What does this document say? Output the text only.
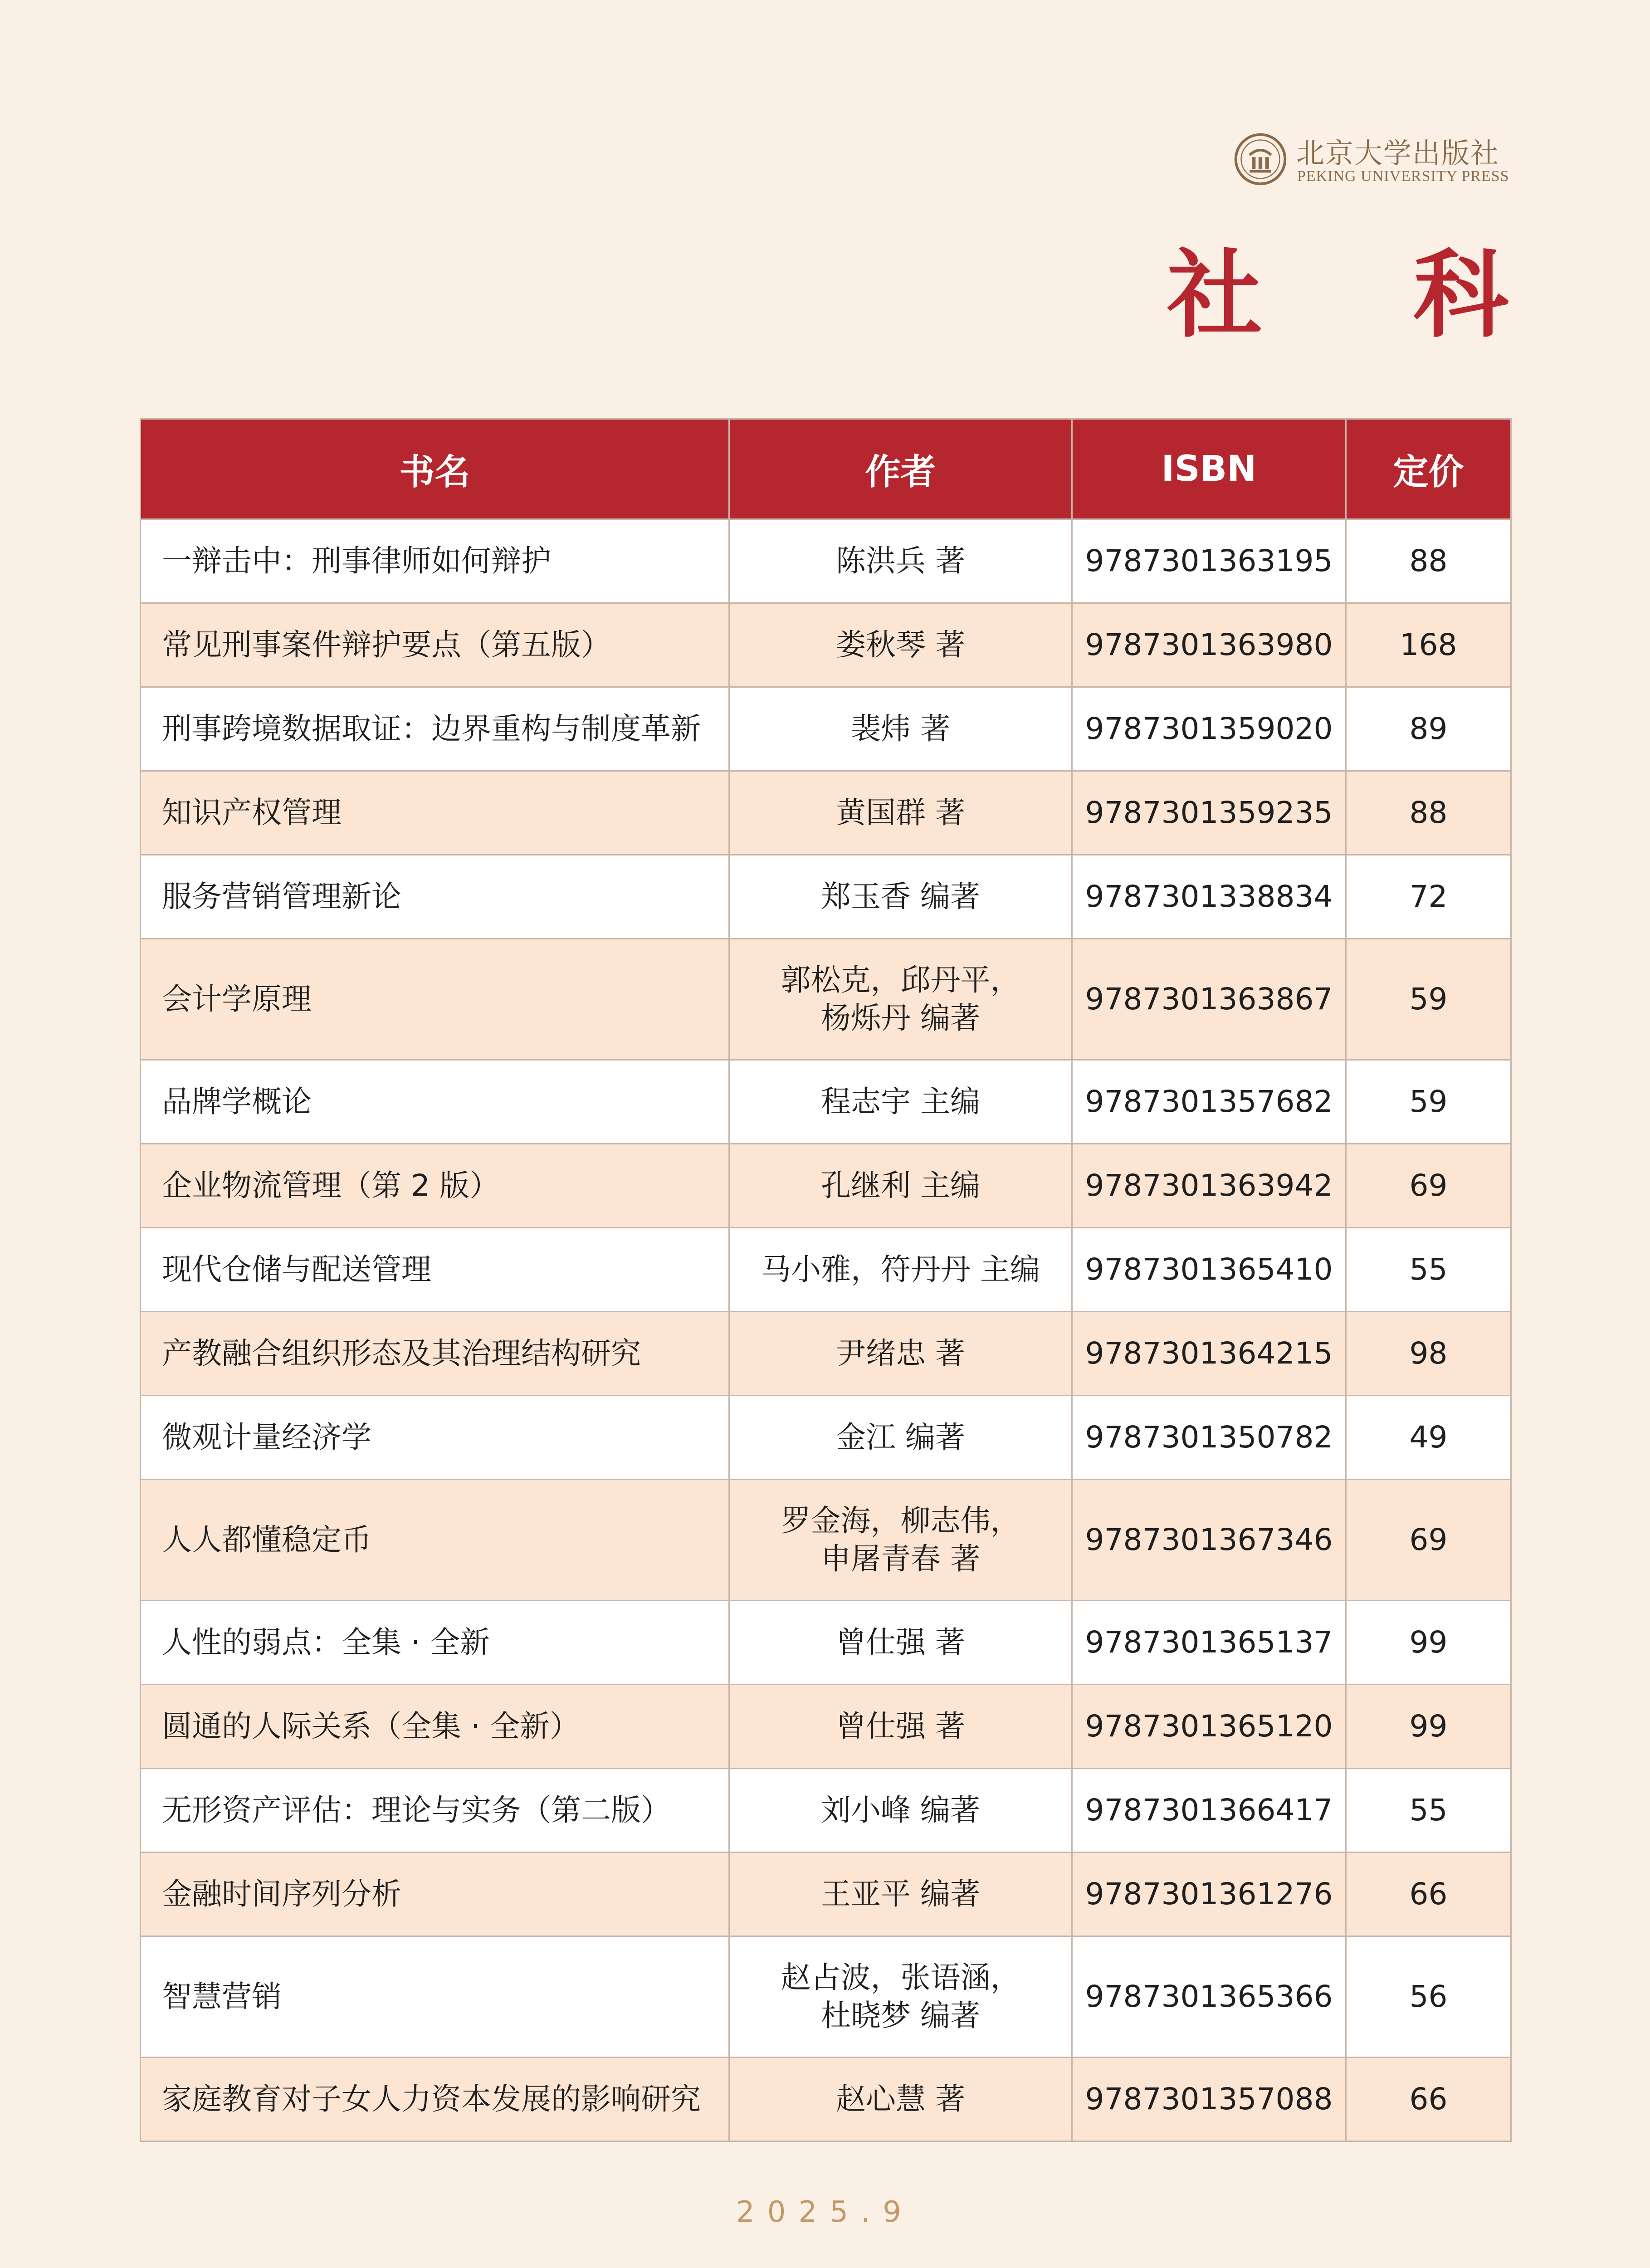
北京大学出版社
PEKING UNIVERSITY PRESS
社 科
书名	作者	ISBN	定价
一辩击中：刑事律师如何辩护	陈洪兵 著	9787301363195	88
常见刑事案件辩护要点（第五版）	娄秋琴 著	9787301363980	168
刑事跨境数据取证：边界重构与制度革新	裴炜 著	9787301359020	89
知识产权管理	黄国群 著	9787301359235	88
服务营销管理新论	郑玉香 编著	9787301338834	72
会计学原理	郭松克，邱丹平，
杨烁丹 编著	9787301363867	59
品牌学概论	程志宇 主编	9787301357682	59
企业物流管理（第 2 版）	孔继利 主编	9787301363942	69
现代仓储与配送管理	马小雅，符丹丹 主编	9787301365410	55
产教融合组织形态及其治理结构研究	尹绪忠 著	9787301364215	98
微观计量经济学	金江 编著	9787301350782	49
人人都懂稳定币	罗金海，柳志伟，
申屠青春 著	9787301367346	69
人性的弱点：全集 · 全新	曾仕强 著	9787301365137	99
圆通的人际关系（全集 · 全新）	曾仕强 著	9787301365120	99
无形资产评估：理论与实务（第二版）	刘小峰 编著	9787301366417	55
金融时间序列分析	王亚平 编著	9787301361276	66
智慧营销	赵占波，张语涵，
杜晓梦 编著	9787301365366	56
家庭教育对子女人力资本发展的影响研究	赵心慧 著	9787301357088	66
2025.9
